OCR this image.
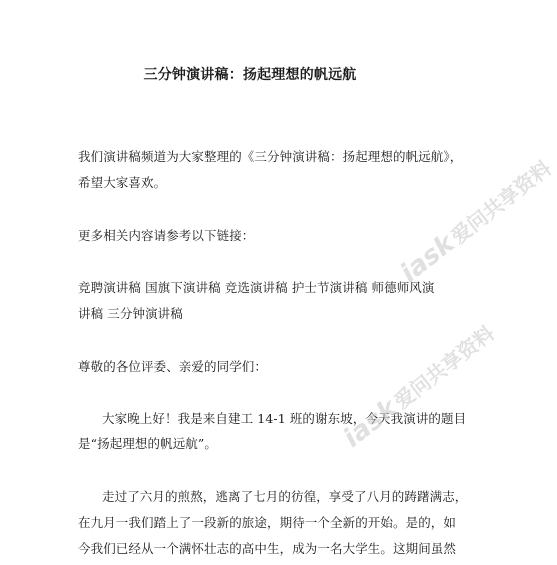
三分钟演讲稿：扬起理想的帆远航
我们演讲稿频道为大家整理的《三分钟演讲稿：扬起理想的帆远航》，
希望大家喜欢。
更多相关内容请参考以下链接：
竞聘演讲稿 国旗下演讲稿 竞选演讲稿 护士节演讲稿 师德师风演
讲稿 三分钟演讲稿
尊敬的各位评委、亲爱的同学们：
大家晚上好！我是来自建工 14-1 班的谢东坡，今天我演讲的题目
是“扬起理想的帆远航”。
走过了六月的煎熬，逃离了七月的彷徨，享受了八月的踌躇满志，
在九月一我们踏上了一段新的旅途，期待一个全新的开始。是的，如
今我们已经从一个满怀壮志的高中生，成为一名大学生。这期间虽然
iask爱问共享资料
iask爱问共享资料
